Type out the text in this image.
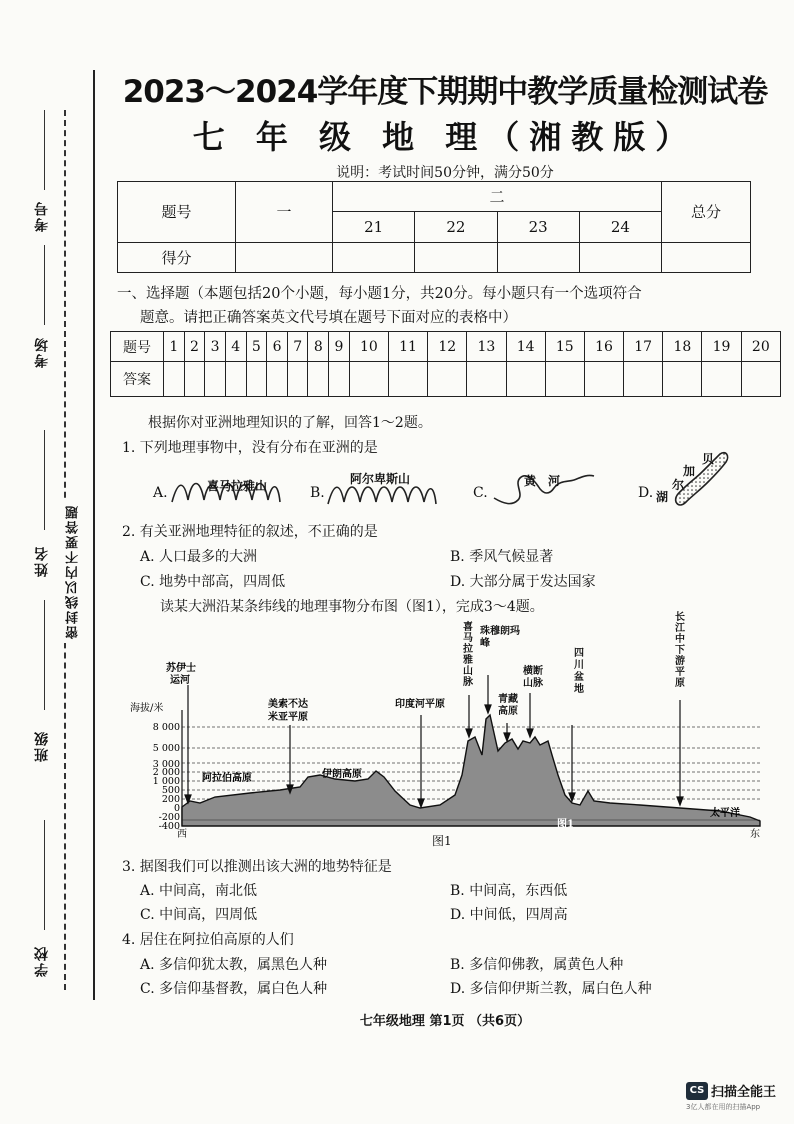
考号
考场
姓名 密封线以内不要答题
班级
学校
2023～2024学年度下期期中教学质量检测试卷
七 年 级 地 理（湘教版）
说明：考试时间50分钟，满分50分
题号	一	二				总分
		21	22	23	24	
得分						
一、选择题（本题包括20个小题，每小题1分，共20分。每小题只有一个选项符合
题意。请把正确答案英文代号填在题号下面对应的表格中）
题号	1	2	3	4	5	6	7	8	9	10	11	12	13	14	15	16	17	18	19	20
答案																				
根据你对亚洲地理知识的了解，回答1～2题。
1. 下列地理事物中，没有分布在亚洲的是
A.	喜马拉雅山	B.
阿尔卑斯山
C.
黄　河
D.
贝
加
尔
湖
2. 有关亚洲地理特征的叙述，不正确的是
A. 人口最多的大洲	B. 季风气候显著
C. 地势中部高，四周低	D. 大部分属于发达国家
读某大洲沿某条纬线的地理事物分布图（图1），完成3～4题。
西	东
海拔/米
8 000
5 000
3 000
2 000
1 000
500
200
0
-200
-400
苏伊士
运河
美索不达
米亚平原
阿拉伯高原	伊朗高原
印度河平原
太平洋
图1
喜马拉雅山脉
珠穆朗玛峰
青藏高原
横断山脉
四川盆地
长江中下游平原
图1
3. 据图我们可以推测出该大洲的地势特征是
A. 中间高，南北低	B. 中间高，东西低
C. 中间高，四周低	D. 中间低，四周高
4. 居住在阿拉伯高原的人们
A. 多信仰犹太教，属黑色人种	B. 多信仰佛教，属黄色人种
C. 多信仰基督教，属白色人种	D. 多信仰伊斯兰教，属白色人种
七年级地理 第1页 （共6页）
CS 扫描全能王
3亿人都在用的扫描App
